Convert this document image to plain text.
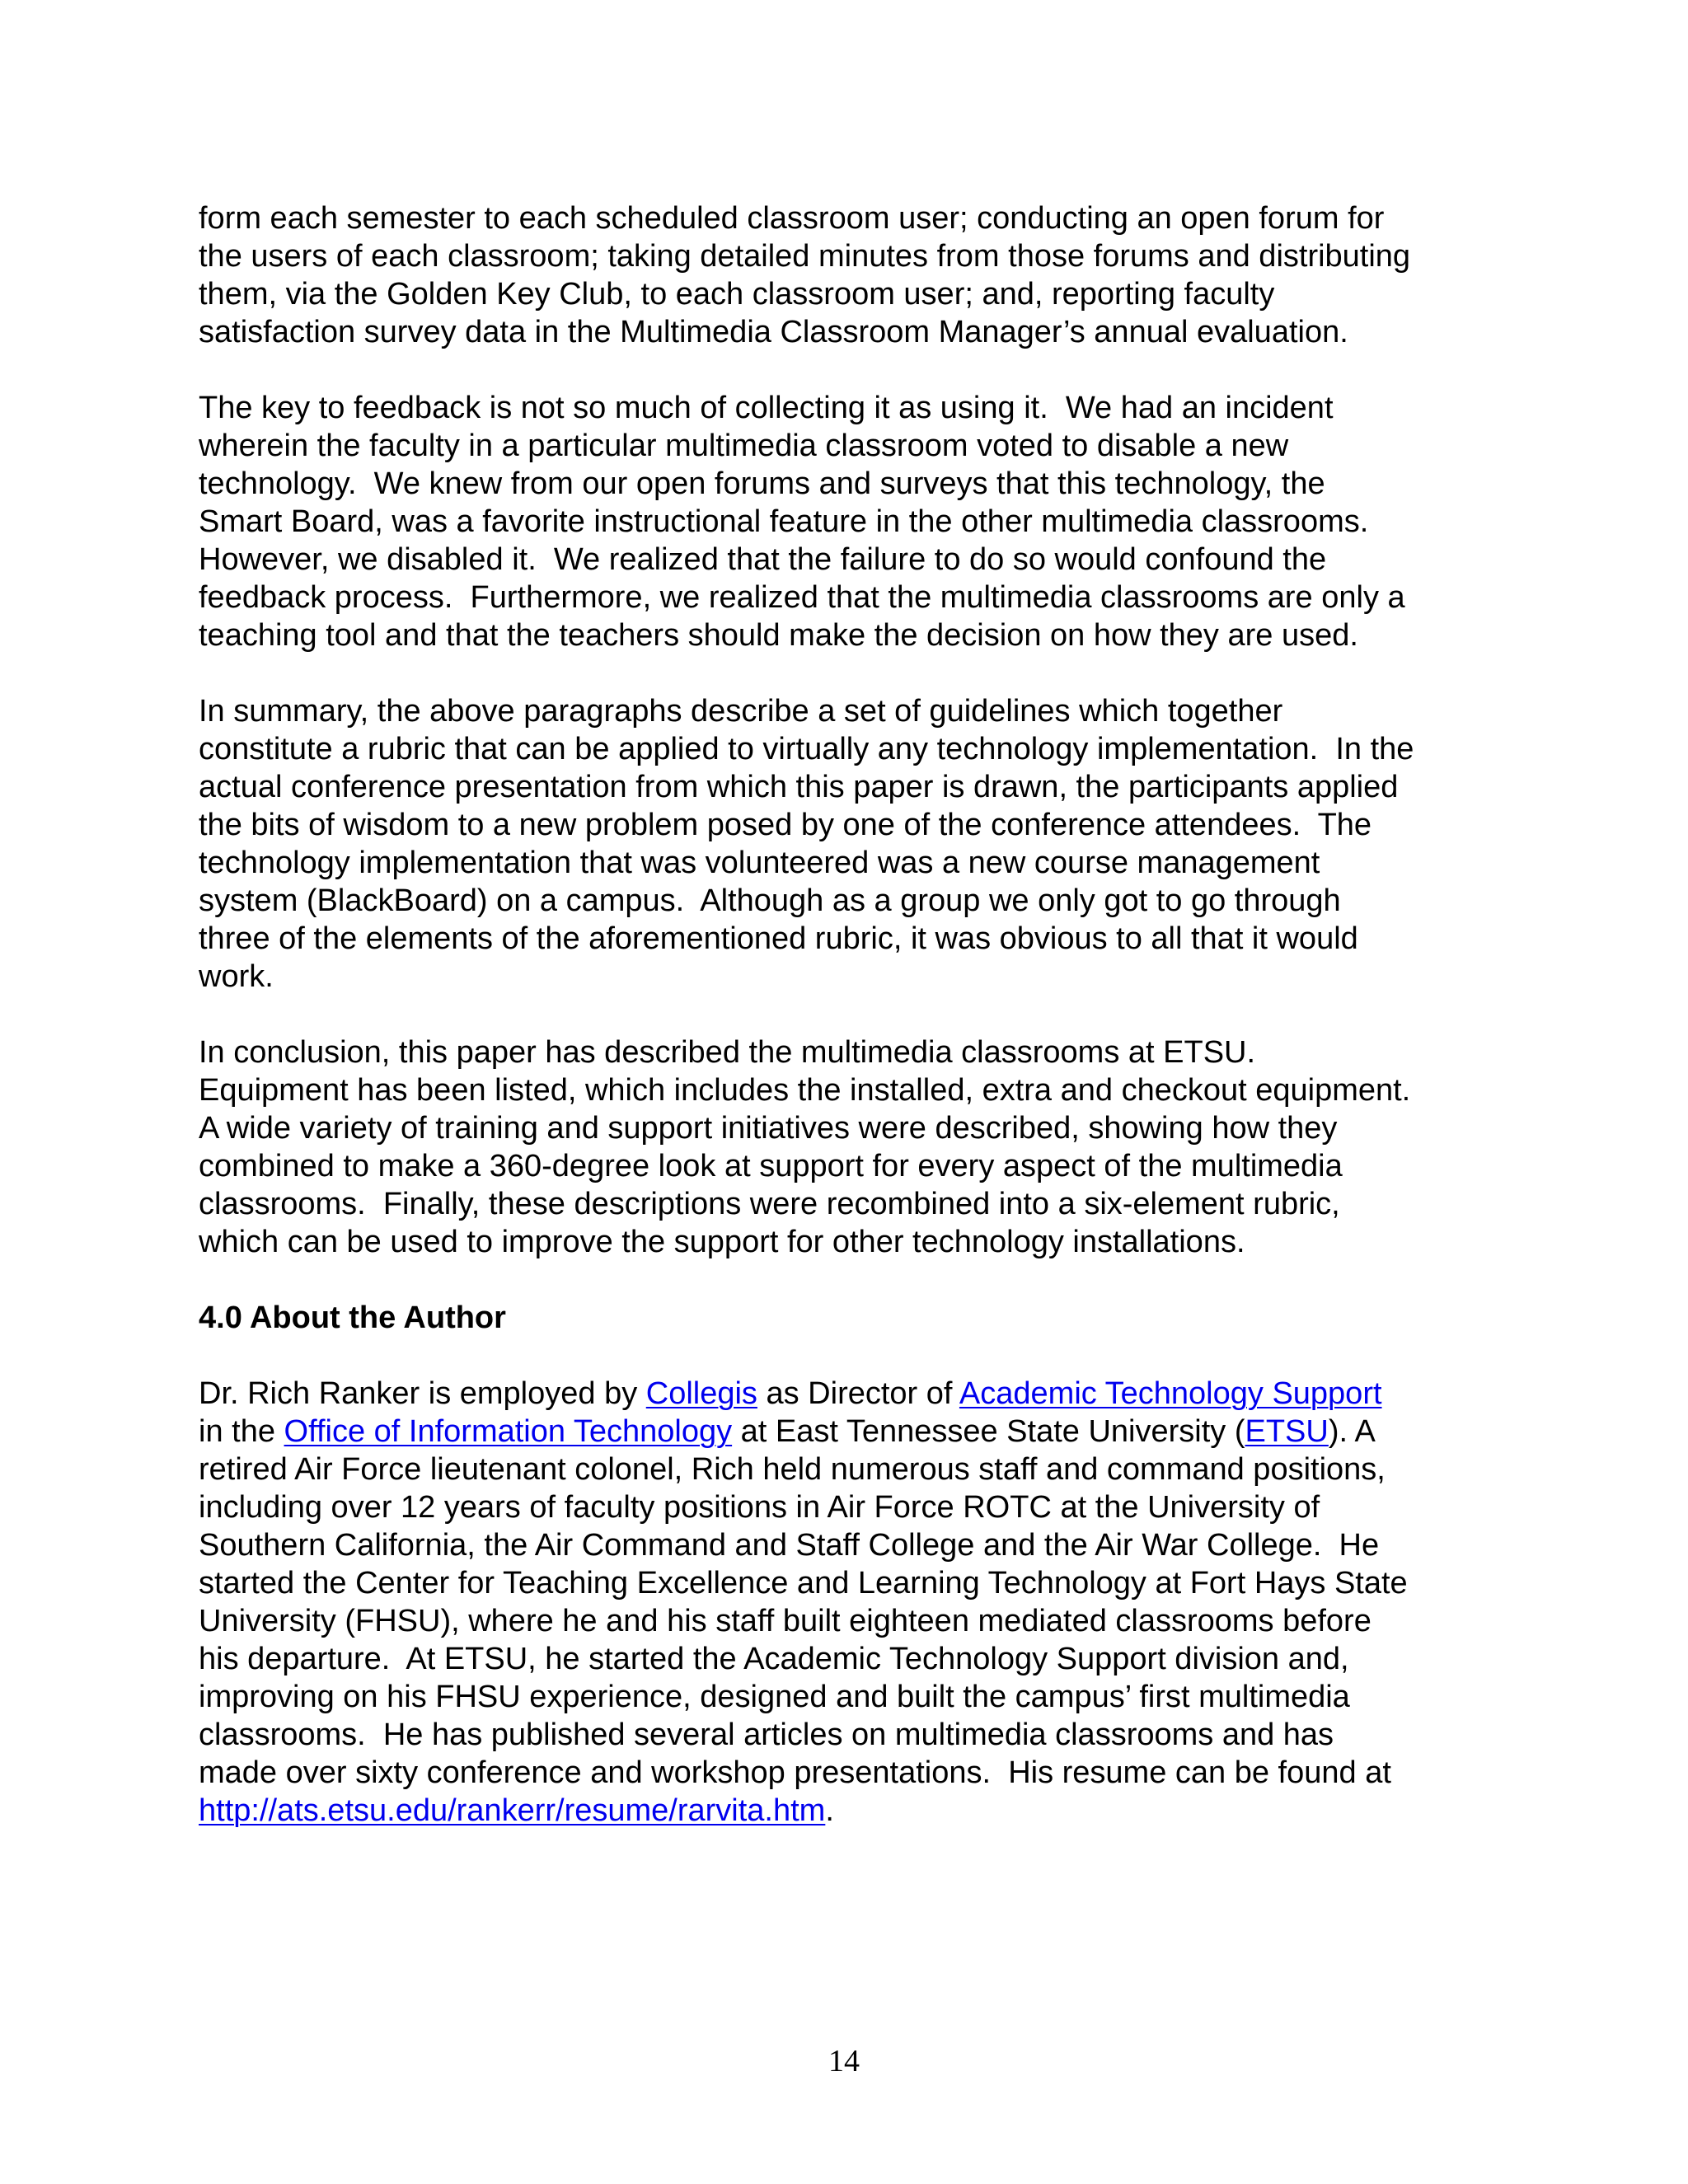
form each semester to each scheduled classroom user; conducting an open forum for
the users of each classroom; taking detailed minutes from those forums and distributing
them, via the Golden Key Club, to each classroom user; and, reporting faculty
satisfaction survey data in the Multimedia Classroom Manager’s annual evaluation.
The key to feedback is not so much of collecting it as using it.  We had an incident
wherein the faculty in a particular multimedia classroom voted to disable a new
technology.  We knew from our open forums and surveys that this technology, the
Smart Board, was a favorite instructional feature in the other multimedia classrooms.
However, we disabled it.  We realized that the failure to do so would confound the
feedback process.  Furthermore, we realized that the multimedia classrooms are only a
teaching tool and that the teachers should make the decision on how they are used.
In summary, the above paragraphs describe a set of guidelines which together
constitute a rubric that can be applied to virtually any technology implementation.  In the
actual conference presentation from which this paper is drawn, the participants applied
the bits of wisdom to a new problem posed by one of the conference attendees.  The
technology implementation that was volunteered was a new course management
system (BlackBoard) on a campus.  Although as a group we only got to go through
three of the elements of the aforementioned rubric, it was obvious to all that it would
work.
In conclusion, this paper has described the multimedia classrooms at ETSU.
Equipment has been listed, which includes the installed, extra and checkout equipment.
A wide variety of training and support initiatives were described, showing how they
combined to make a 360-degree look at support for every aspect of the multimedia
classrooms.  Finally, these descriptions were recombined into a six-element rubric,
which can be used to improve the support for other technology installations.
4.0 About the Author
Dr. Rich Ranker is employed by Collegis as Director of Academic Technology Support
in the Office of Information Technology at East Tennessee State University (ETSU). A
retired Air Force lieutenant colonel, Rich held numerous staff and command positions,
including over 12 years of faculty positions in Air Force ROTC at the University of
Southern California, the Air Command and Staff College and the Air War College.  He
started the Center for Teaching Excellence and Learning Technology at Fort Hays State
University (FHSU), where he and his staff built eighteen mediated classrooms before
his departure.  At ETSU, he started the Academic Technology Support division and,
improving on his FHSU experience, designed and built the campus’ first multimedia
classrooms.  He has published several articles on multimedia classrooms and has
made over sixty conference and workshop presentations.  His resume can be found at
http://ats.etsu.edu/rankerr/resume/rarvita.htm.
14
